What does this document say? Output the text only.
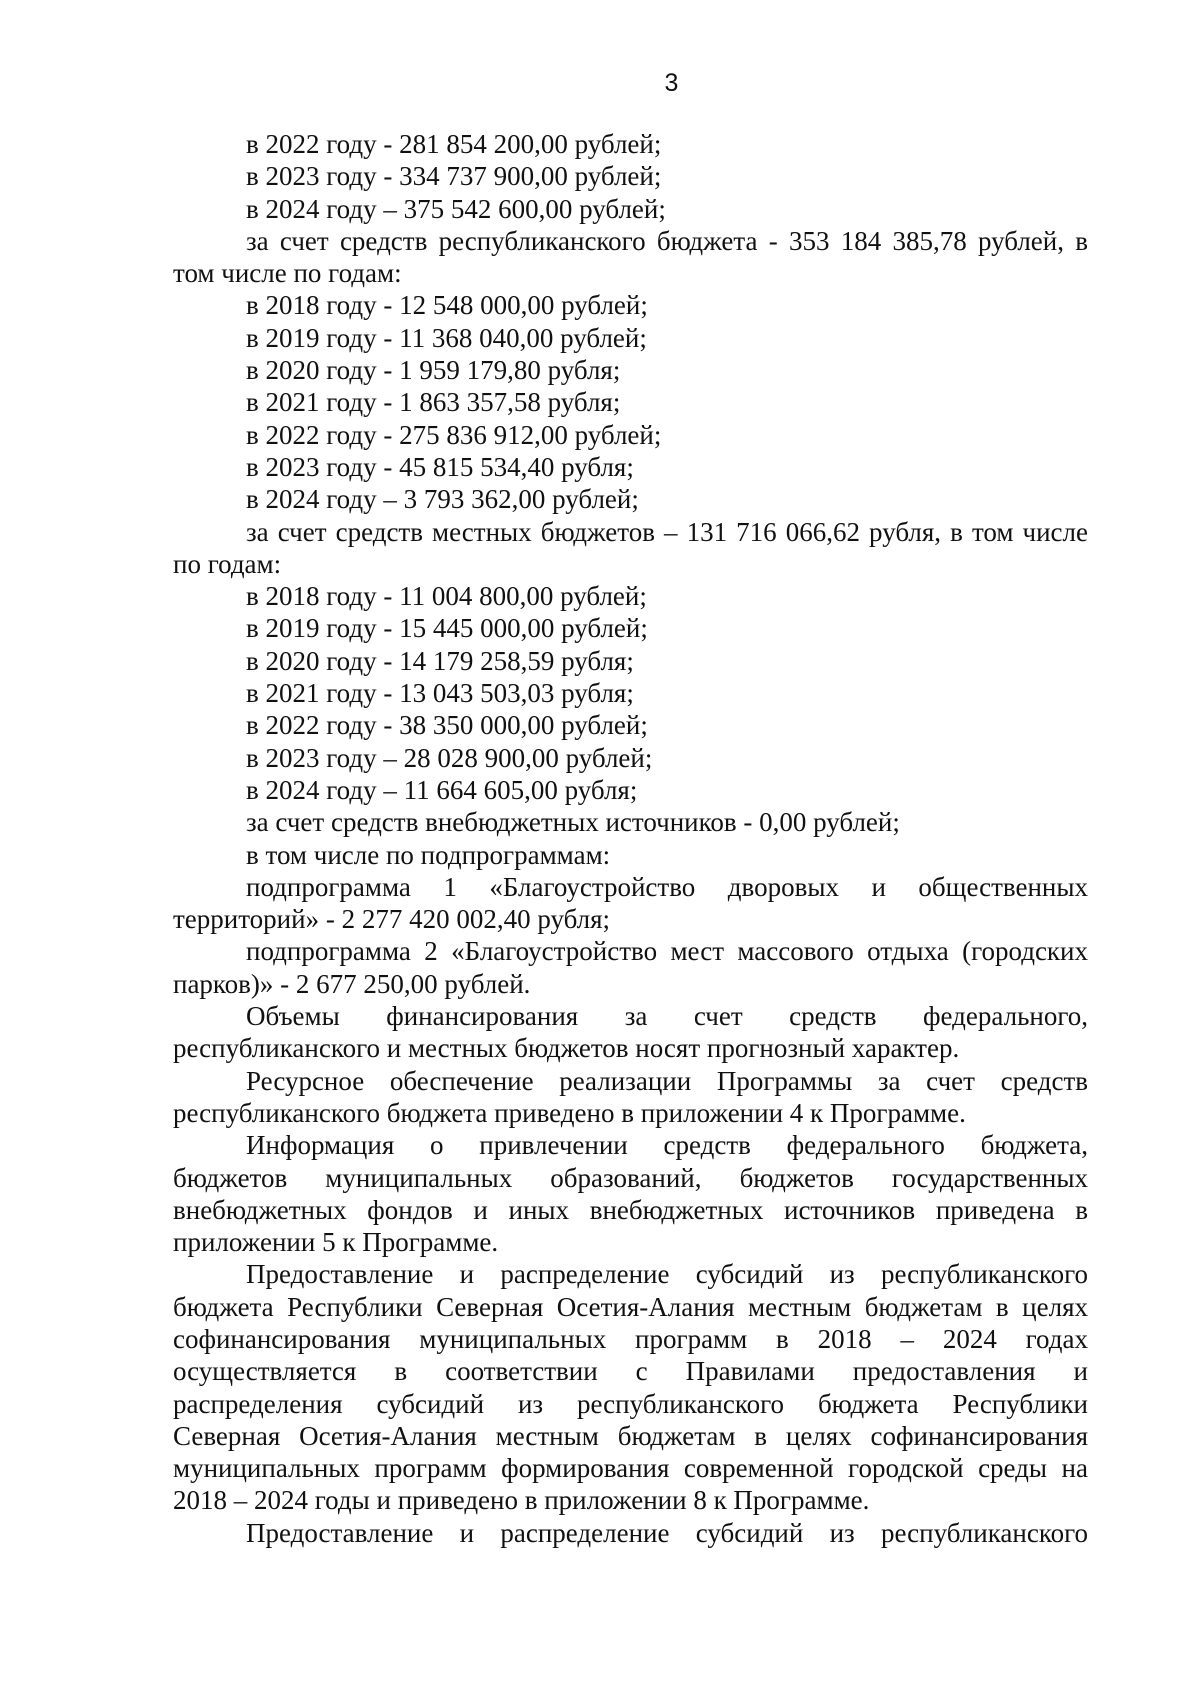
3
в 2022 году - 281 854 200,00 рублей;
в 2023 году - 334 737 900,00 рублей;
в 2024 году – 375 542 600,00 рублей;
за счет средств республиканского бюджета - 353 184 385,78 рублей, в
том числе по годам:
в 2018 году - 12 548 000,00 рублей;
в 2019 году - 11 368 040,00 рублей;
в 2020 году - 1 959 179,80 рубля;
в 2021 году - 1 863 357,58 рубля;
в 2022 году - 275 836 912,00 рублей;
в 2023 году - 45 815 534,40 рубля;
в 2024 году – 3 793 362,00 рублей;
за счет средств местных бюджетов – 131 716 066,62 рубля, в том числе
по годам:
в 2018 году - 11 004 800,00 рублей;
в 2019 году - 15 445 000,00 рублей;
в 2020 году - 14 179 258,59 рубля;
в 2021 году - 13 043 503,03 рубля;
в 2022 году - 38 350 000,00 рублей;
в 2023 году – 28 028 900,00 рублей;
в 2024 году – 11 664 605,00 рубля;
за счет средств внебюджетных источников - 0,00 рублей;
в том числе по подпрограммам:
подпрограмма 1 «Благоустройство дворовых и общественных
территорий» - 2 277 420 002,40 рубля;
подпрограмма 2 «Благоустройство мест массового отдыха (городских
парков)» - 2 677 250,00 рублей.
Объемы финансирования за счет средств федерального,
республиканского и местных бюджетов носят прогнозный характер.
Ресурсное обеспечение реализации Программы за счет средств
республиканского бюджета приведено в приложении 4 к Программе.
Информация о привлечении средств федерального бюджета,
бюджетов муниципальных образований, бюджетов государственных
внебюджетных фондов и иных внебюджетных источников приведена в
приложении 5 к Программе.
Предоставление и распределение субсидий из республиканского
бюджета Республики Северная Осетия-Алания местным бюджетам в целях
софинансирования муниципальных программ в 2018 – 2024 годах
осуществляется в соответствии с Правилами предоставления и
распределения субсидий из республиканского бюджета Республики
Северная Осетия-Алания местным бюджетам в целях софинансирования
муниципальных программ формирования современной городской среды на
2018 – 2024 годы и приведено в приложении 8 к Программе.
Предоставление и распределение субсидий из республиканского
